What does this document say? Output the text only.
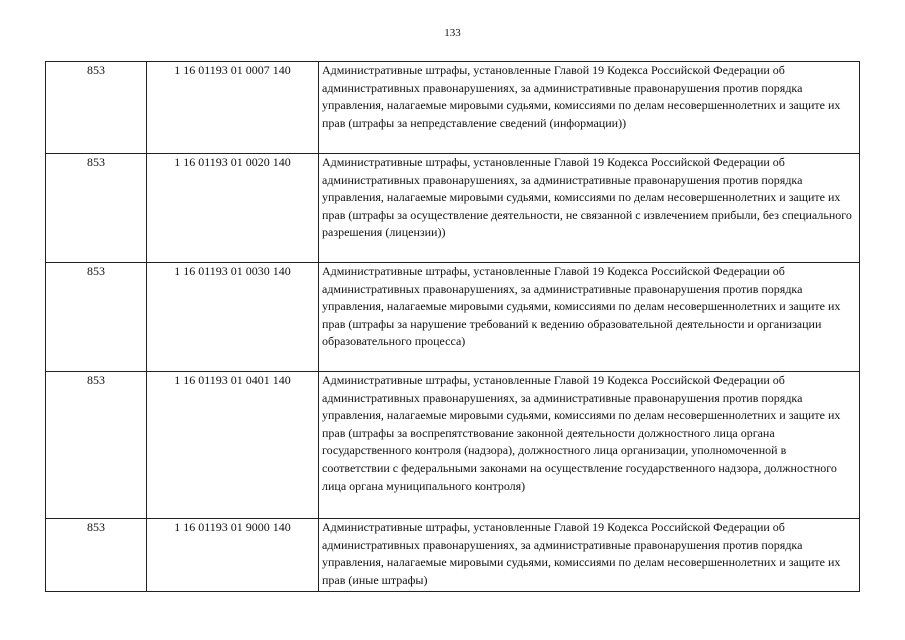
133
853	1 16 01193 01 0007 140	Административные штрафы, установленные Главой 19 Кодекса Российской Федерации об административных правонарушениях, за административные правонарушения против порядка управления, налагаемые мировыми судьями, комиссиями по делам несовершеннолетних и защите их прав (штрафы за непредставление сведений (информации))
853	1 16 01193 01 0020 140	Административные штрафы, установленные Главой 19 Кодекса Российской Федерации об административных правонарушениях, за административные правонарушения против порядка управления, налагаемые мировыми судьями, комиссиями по делам несовершеннолетних и защите их прав (штрафы за осуществление деятельности, не связанной с извлечением прибыли, без специального разрешения (лицензии))
853	1 16 01193 01 0030 140	Административные штрафы, установленные Главой 19 Кодекса Российской Федерации об административных правонарушениях, за административные правонарушения против порядка управления, налагаемые мировыми судьями, комиссиями по делам несовершеннолетних и защите их прав (штрафы за нарушение требований к ведению образовательной деятельности и организации образовательного процесса)
853	1 16 01193 01 0401 140	Административные штрафы, установленные Главой 19 Кодекса Российской Федерации об административных правонарушениях, за административные правонарушения против порядка управления, налагаемые мировыми судьями, комиссиями по делам несовершеннолетних и защите их прав (штрафы за воспрепятствование законной деятельности должностного лица органа государственного контроля (надзора), должностного лица организации, уполномоченной в соответствии с федеральными законами на осуществление государственного надзора, должностного лица органа муниципального контроля)
853	1 16 01193 01 9000 140	Административные штрафы, установленные Главой 19 Кодекса Российской Федерации об административных правонарушениях, за административные правонарушения против порядка управления, налагаемые мировыми судьями, комиссиями по делам несовершеннолетних и защите их прав (иные штрафы)
